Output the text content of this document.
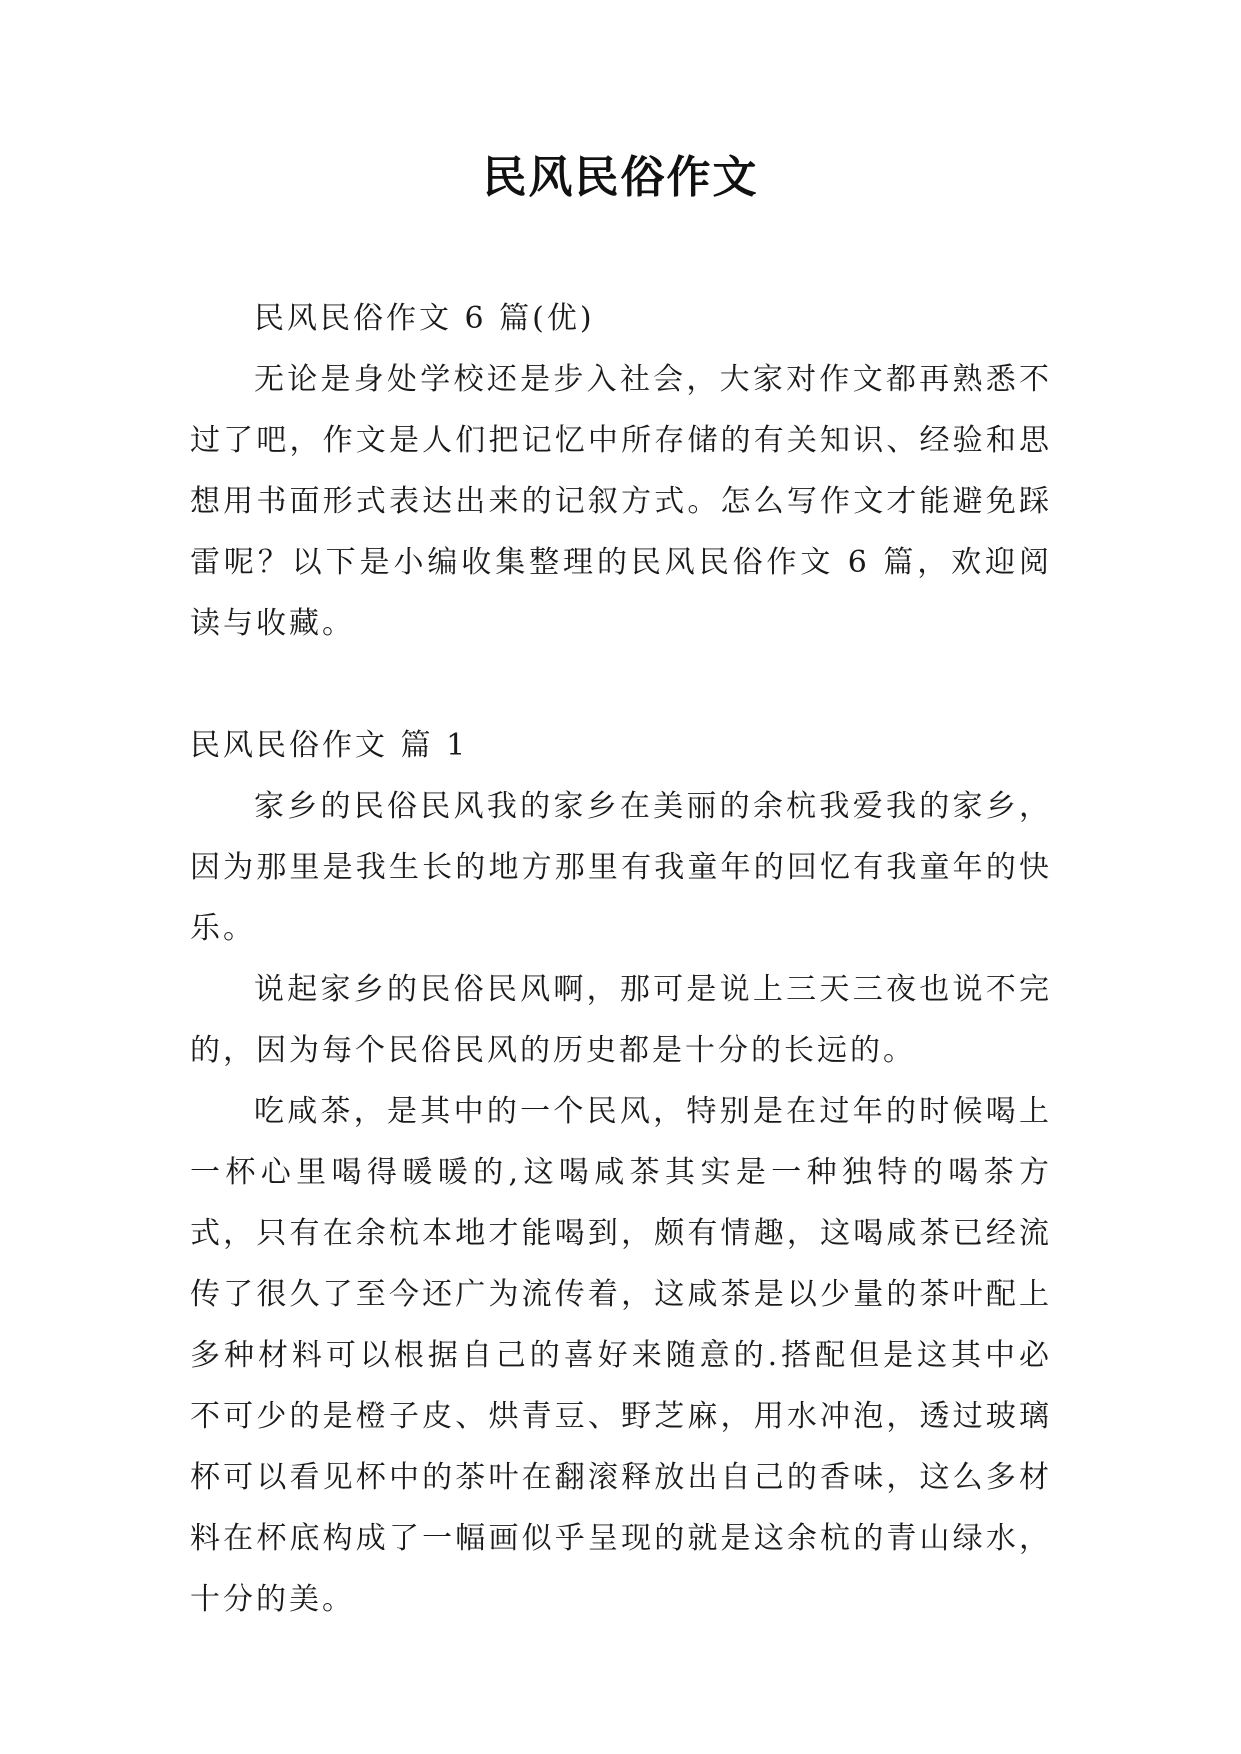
民风民俗作文

民风民俗作文 6 篇(优)

无论是身处学校还是步入社会，大家对作文都再熟悉不过了吧，作文是人们把记忆中所存储的有关知识、经验和思想用书面形式表达出来的记叙方式。怎么写作文才能避免踩雷呢？以下是小编收集整理的民风民俗作文 6 篇，欢迎阅读与收藏。

民风民俗作文 篇 1

家乡的民俗民风我的家乡在美丽的余杭我爱我的家乡，因为那里是我生长的地方那里有我童年的回忆有我童年的快乐。

说起家乡的民俗民风啊，那可是说上三天三夜也说不完的，因为每个民俗民风的历史都是十分的长远的。

吃咸茶，是其中的一个民风，特别是在过年的时候喝上一杯心里喝得暖暖的,这喝咸茶其实是一种独特的喝茶方式，只有在余杭本地才能喝到，颇有情趣，这喝咸茶已经流传了很久了至今还广为流传着，这咸茶是以少量的茶叶配上多种材料可以根据自己的喜好来随意的.搭配但是这其中必不可少的是橙子皮、烘青豆、野芝麻，用水冲泡，透过玻璃杯可以看见杯中的茶叶在翻滚释放出自己的香味，这么多材料在杯底构成了一幅画似乎呈现的就是这余杭的青山绿水，十分的美。
